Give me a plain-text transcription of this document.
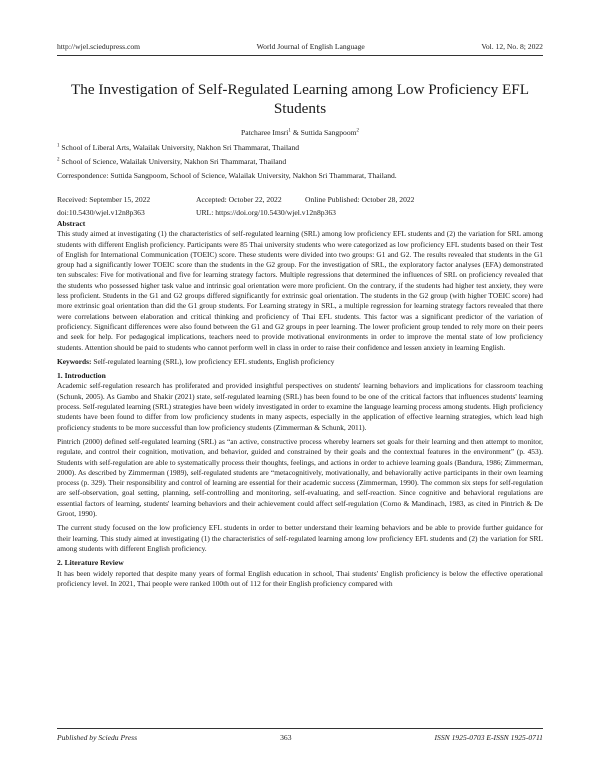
http://wjel.sciedupress.com	World Journal of English Language	Vol. 12, No. 8; 2022
The Investigation of Self-Regulated Learning among Low Proficiency EFL Students
Patcharee Imsri$^1$ & Suttida Sangpoom$^2$
$^1$ School of Liberal Arts, Walailak University, Nakhon Sri Thammarat, Thailand
$^2$ School of Science, Walailak University, Nakhon Sri Thammarat, Thailand
Correspondence: Suttida Sangpoom, School of Science, Walailak University, Nakhon Sri Thammarat, Thailand.
Received: September 15, 2022	Accepted: October 22, 2022	Online Published: October 28, 2022
doi:10.5430/wjel.v12n8p363	URL: https://doi.org/10.5430/wjel.v12n8p363

Abstract

This study aimed at investigating (1) the characteristics of self-regulated learning (SRL) among low proficiency EFL students and (2) the variation for SRL among students with different English proficiency. Participants were 85 Thai university students who were categorized as low proficiency EFL students based on their Test of English for International Communication (TOEIC) score. These students were divided into two groups: G1 and G2. The results revealed that students in the G1 group had a significantly lower TOEIC score than the students in the G2 group. For the investigation of SRL, the exploratory factor analyses (EFA) demonstrated ten subscales: Five for motivational and five for learning strategy factors. Multiple regressions that determined the influences of SRL on proficiency revealed that the students who possessed higher task value and intrinsic goal orientation were more proficient. On the contrary, if the students had higher test anxiety, they were less proficient. Students in the G1 and G2 groups differed significantly for extrinsic goal orientation. The students in the G2 group (with higher TOEIC score) had more extrinsic goal orientation than did the G1 group students. For Learning strategy in SRL, a multiple regression for learning strategy factors revealed that there were correlations between elaboration and critical thinking and proficiency of Thai EFL students. This factor was a significant predictor of the variation of proficiency. Significant differences were also found between the G1 and G2 groups in peer learning. The lower proficient group tended to rely more on their peers and seek for help. For pedagogical implications, teachers need to provide motivational environments in order to improve the mental state of low proficiency students. Attention should be paid to students who cannot perform well in class in order to raise their confidence and lessen anxiety in learning English.

Keywords: Self-regulated learning (SRL), low proficiency EFL students, English proficiency

1. Introduction

Academic self-regulation research has proliferated and provided insightful perspectives on students' learning behaviors and implications for classroom teaching (Schunk, 2005). As Gambo and Shakir (2021) state, self-regulated learning (SRL) has been found to be one of the critical factors that influences students' learning process. Self-regulated learning (SRL) strategies have been widely investigated in order to examine the language learning process among students. High proficiency students have been found to differ from low proficiency students in many aspects, especially in the application of effective learning strategies, which lead high proficiency students to be more successful than low proficiency students (Zimmerman & Schunk, 2011).

Pintrich (2000) defined self-regulated learning (SRL) as “an active, constructive process whereby learners set goals for their learning and then attempt to monitor, regulate, and control their cognition, motivation, and behavior, guided and constrained by their goals and the contextual features in the environment” (p. 453). Students with self-regulation are able to systematically process their thoughts, feelings, and actions in order to achieve learning goals (Bandura, 1986; Zimmerman, 2000). As described by Zimmerman (1989), self-regulated students are “metacognitively, motivationally, and behaviorally active participants in their own learning process (p. 329). Their responsibility and control of learning are essential for their academic success (Zimmerman, 1990). The common six steps for self-regulation are self-observation, goal setting, planning, self-controlling and monitoring, self-evaluating, and self-reaction. Since cognitive and behavioral regulations are essential factors of learning, students' learning behaviors and their achievement could affect self-regulation (Corno & Mandinach, 1983, as cited in Pintrich & De Groot, 1990).

The current study focused on the low proficiency EFL students in order to better understand their learning behaviors and be able to provide further guidance for their learning. This study aimed at investigating (1) the characteristics of self-regulated learning among low proficiency EFL students and (2) the variation for SRL among students with different English proficiency.

2. Literature Review

It has been widely reported that despite many years of formal English education in school, Thai students' English proficiency is below the effective operational proficiency level. In 2021, Thai people were ranked 100th out of 112 for their English proficiency compared with

Published by Sciedu Press	363	ISSN 1925-0703 E-ISSN 1925-0711
